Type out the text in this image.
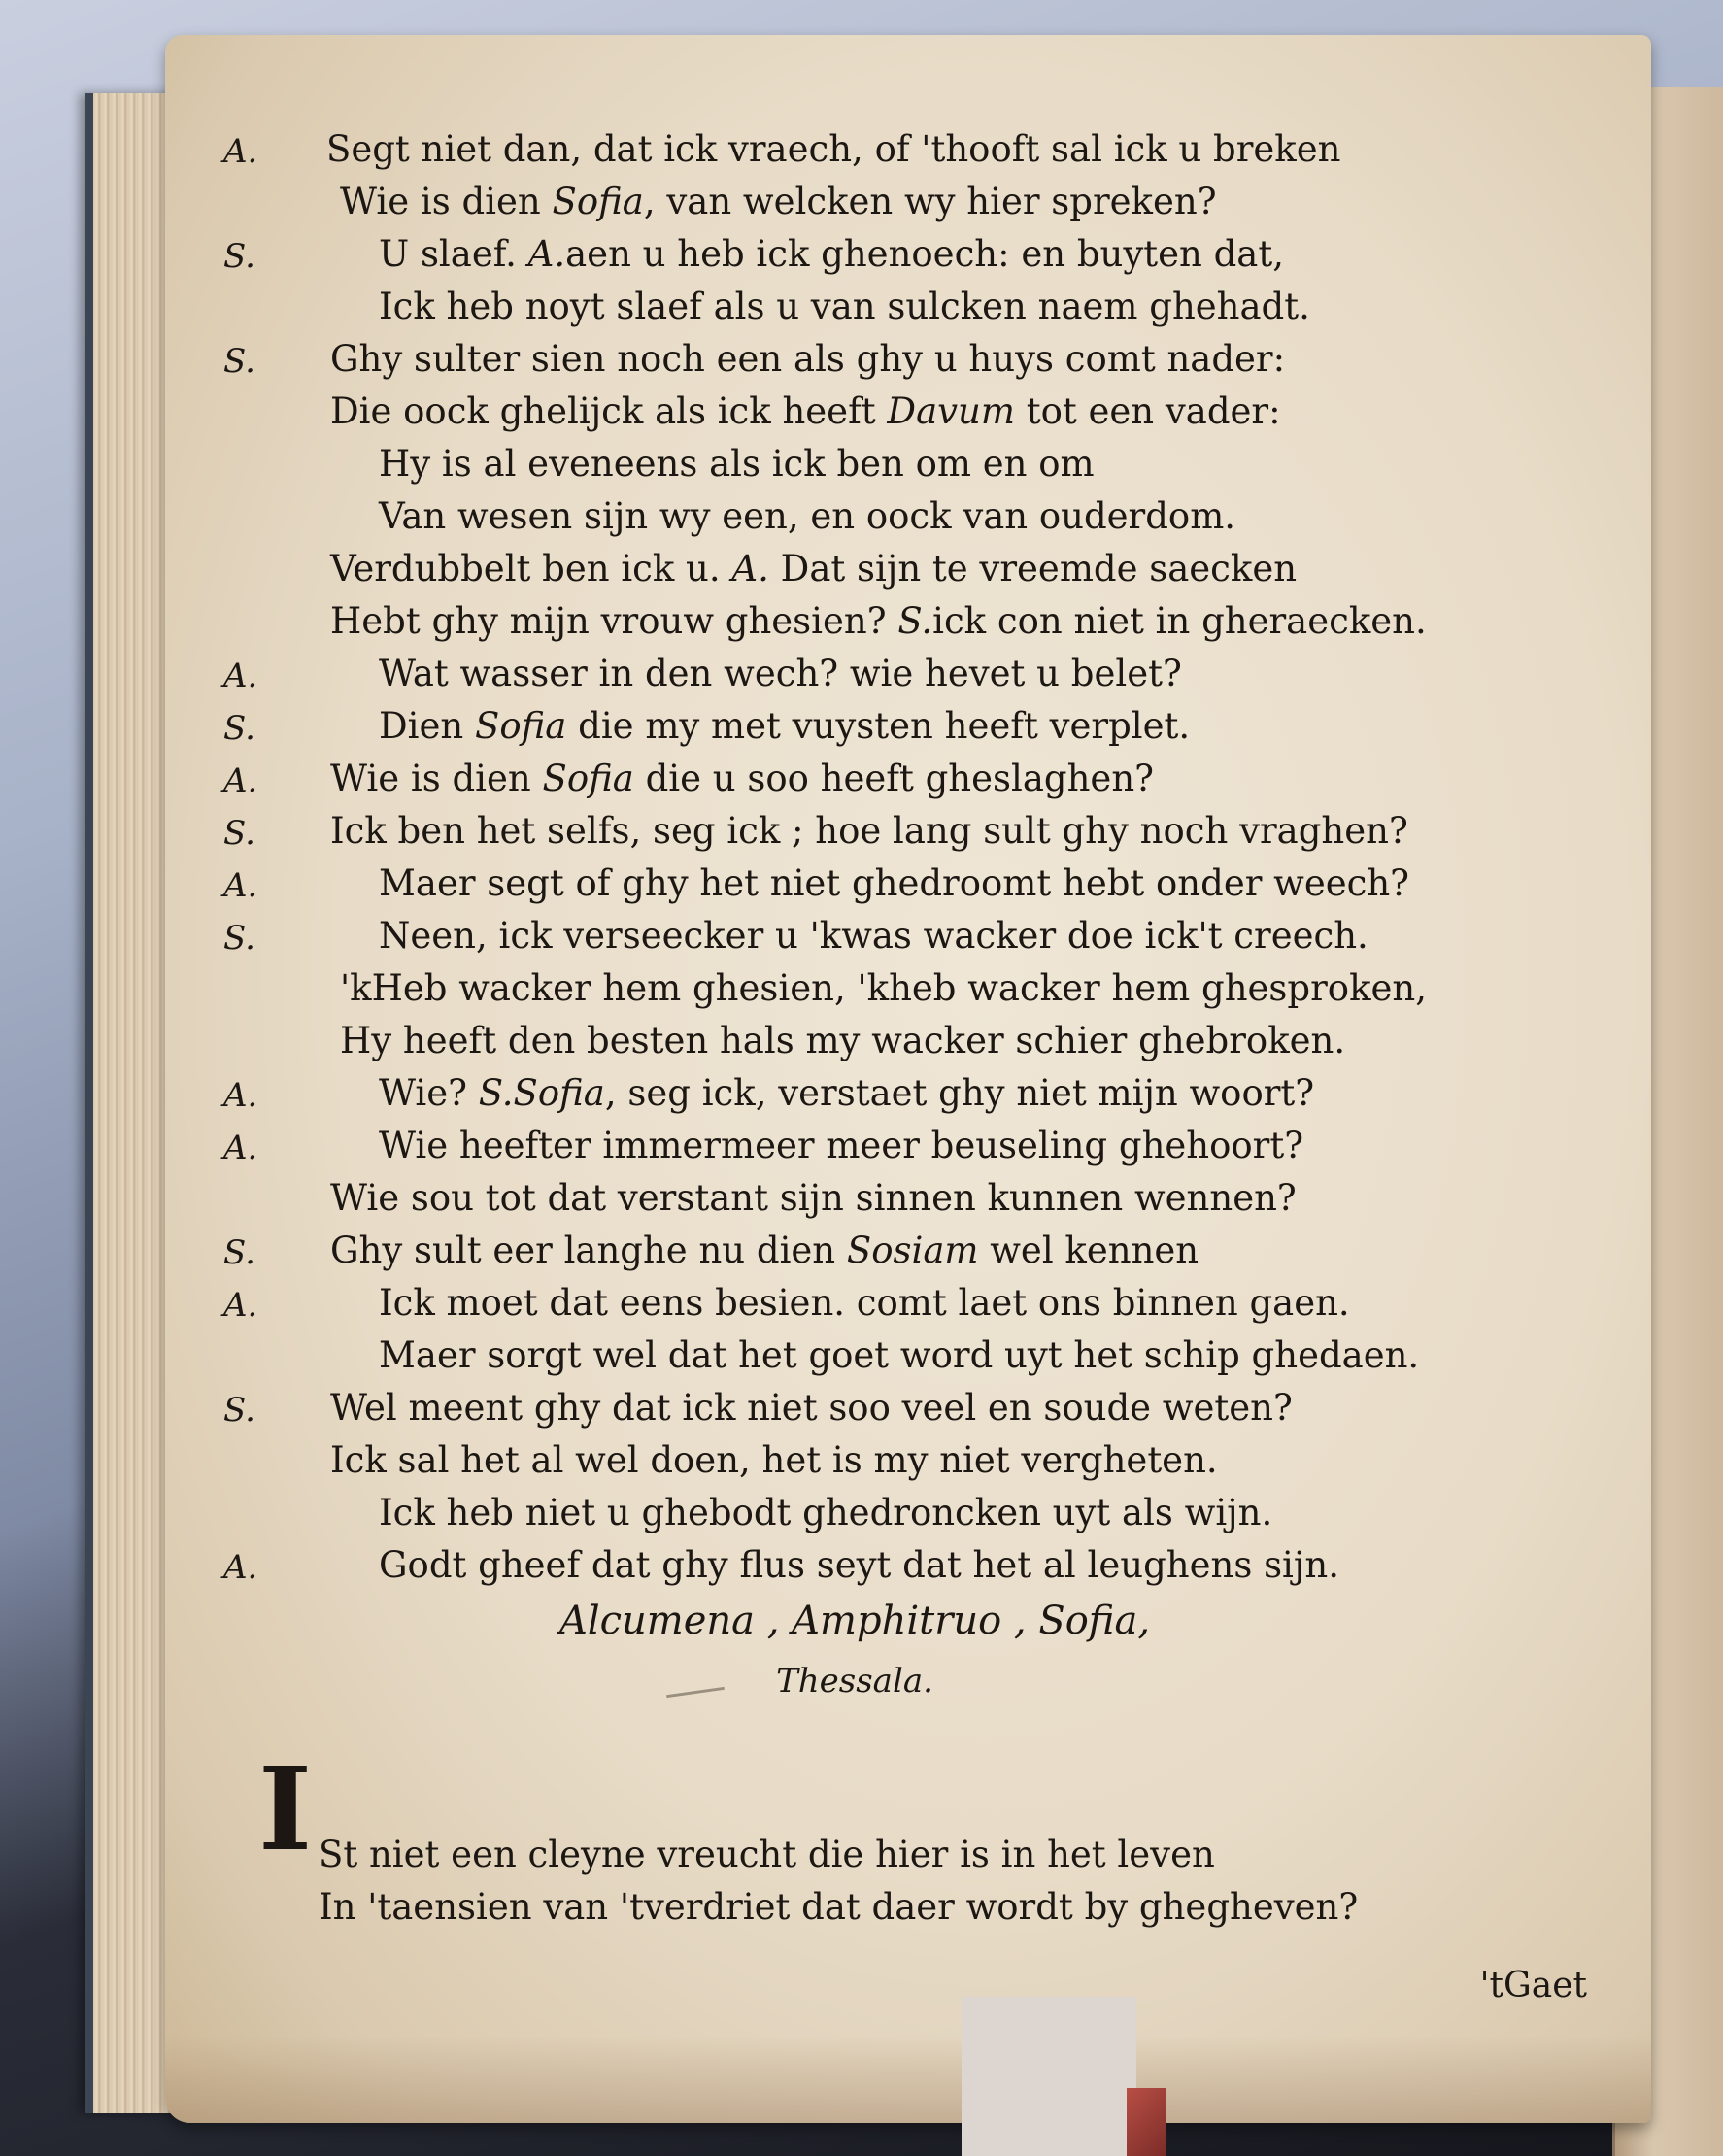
A.	Segt niet dan, dat ick vraech, of 'thooft sal ick u breken
Wie is dien Sofia, van welcken wy hier spreken?
S.	U slaef. A.aen u heb ick ghenoech: en buyten dat,
Ick heb noyt slaef als u van sulcken naem ghehadt.
S.	Ghy sulter sien noch een als ghy u huys comt nader:
Die oock ghelijck als ick heeft Davum tot een vader:
Hy is al eveneens als ick ben om en om
Van wesen sijn wy een, en oock van ouderdom.
Verdubbelt ben ick u. A. Dat sijn te vreemde saecken
Hebt ghy mijn vrouw ghesien? S.ick con niet in gheraecken.
A.	Wat wasser in den wech? wie hevet u belet?
S.	Dien Sofia die my met vuysten heeft verplet.
A.	Wie is dien Sofia die u soo heeft gheslaghen?
S.	Ick ben het selfs, seg ick ; hoe lang sult ghy noch vraghen?
A.	Maer segt of ghy het niet ghedroomt hebt onder weech?
S.	Neen, ick verseecker u 'kwas wacker doe ick't creech.
'kHeb wacker hem ghesien, 'kheb wacker hem ghesproken,
Hy heeft den besten hals my wacker schier ghebroken.
A.	Wie? S.Sofia, seg ick, verstaet ghy niet mijn woort?
A.	Wie heefter immermeer meer beuseling ghehoort?
Wie sou tot dat verstant sijn sinnen kunnen wennen?
S.	Ghy sult eer langhe nu dien Sosiam wel kennen
A.	Ick moet dat eens besien. comt laet ons binnen gaen.
Maer sorgt wel dat het goet word uyt het schip ghedaen.
S.	Wel meent ghy dat ick niet soo veel en soude weten?
Ick sal het al wel doen, het is my niet vergheten.
Ick heb niet u ghebodt ghedroncken uyt als wijn.
A.	Godt gheef dat ghy flus seyt dat het al leughens sijn.
Alcumena , Amphitruo , Sofia,
Thessala.
I St niet een cleyne vreucht die hier is in het leven
In 'taensien van 'tverdriet dat daer wordt by ghegheven?
'tGaet
